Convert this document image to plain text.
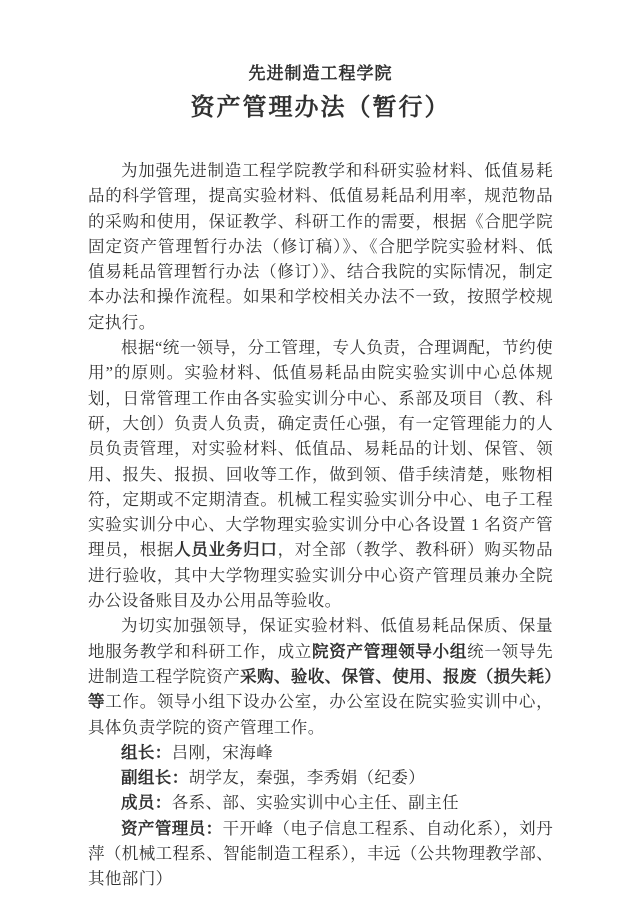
先进制造工程学院
资产管理办法（暂行）

为加强先进制造工程学院教学和科研实验材料、低值易耗品的科学管理，提高实验材料、低值易耗品利用率，规范物品的采购和使用，保证教学、科研工作的需要，根据《合肥学院固定资产管理暂行办法（修订稿）》、《合肥学院实验材料、低值易耗品管理暂行办法（修订）》、结合我院的实际情况，制定本办法和操作流程。如果和学校相关办法不一致，按照学校规定执行。

根据“统一领导，分工管理，专人负责，合理调配，节约使用”的原则。实验材料、低值易耗品由院实验实训中心总体规划，日常管理工作由各实验实训分中心、系部及项目（教、科研，大创）负责人负责，确定责任心强，有一定管理能力的人员负责管理，对实验材料、低值品、易耗品的计划、保管、领用、报失、报损、回收等工作，做到领、借手续清楚，账物相符，定期或不定期清查。机械工程实验实训分中心、电子工程实验实训分中心、大学物理实验实训分中心各设置 1 名资产管理员，根据人员业务归口，对全部（教学、教科研）购买物品进行验收，其中大学物理实验实训分中心资产管理员兼办全院办公设备账目及办公用品等验收。

为切实加强领导，保证实验材料、低值易耗品保质、保量地服务教学和科研工作，成立院资产管理领导小组统一领导先进制造工程学院资产采购、验收、保管、使用、报废（损失耗）等工作。领导小组下设办公室，办公室设在院实验实训中心，具体负责学院的资产管理工作。

组长：吕刚，宋海峰

副组长：胡学友，秦强，李秀娟（纪委）

成员：各系、部、实验实训中心主任、副主任

资产管理员：干开峰（电子信息工程系、自动化系），刘丹萍（机械工程系、智能制造工程系），丰远（公共物理教学部、其他部门）
